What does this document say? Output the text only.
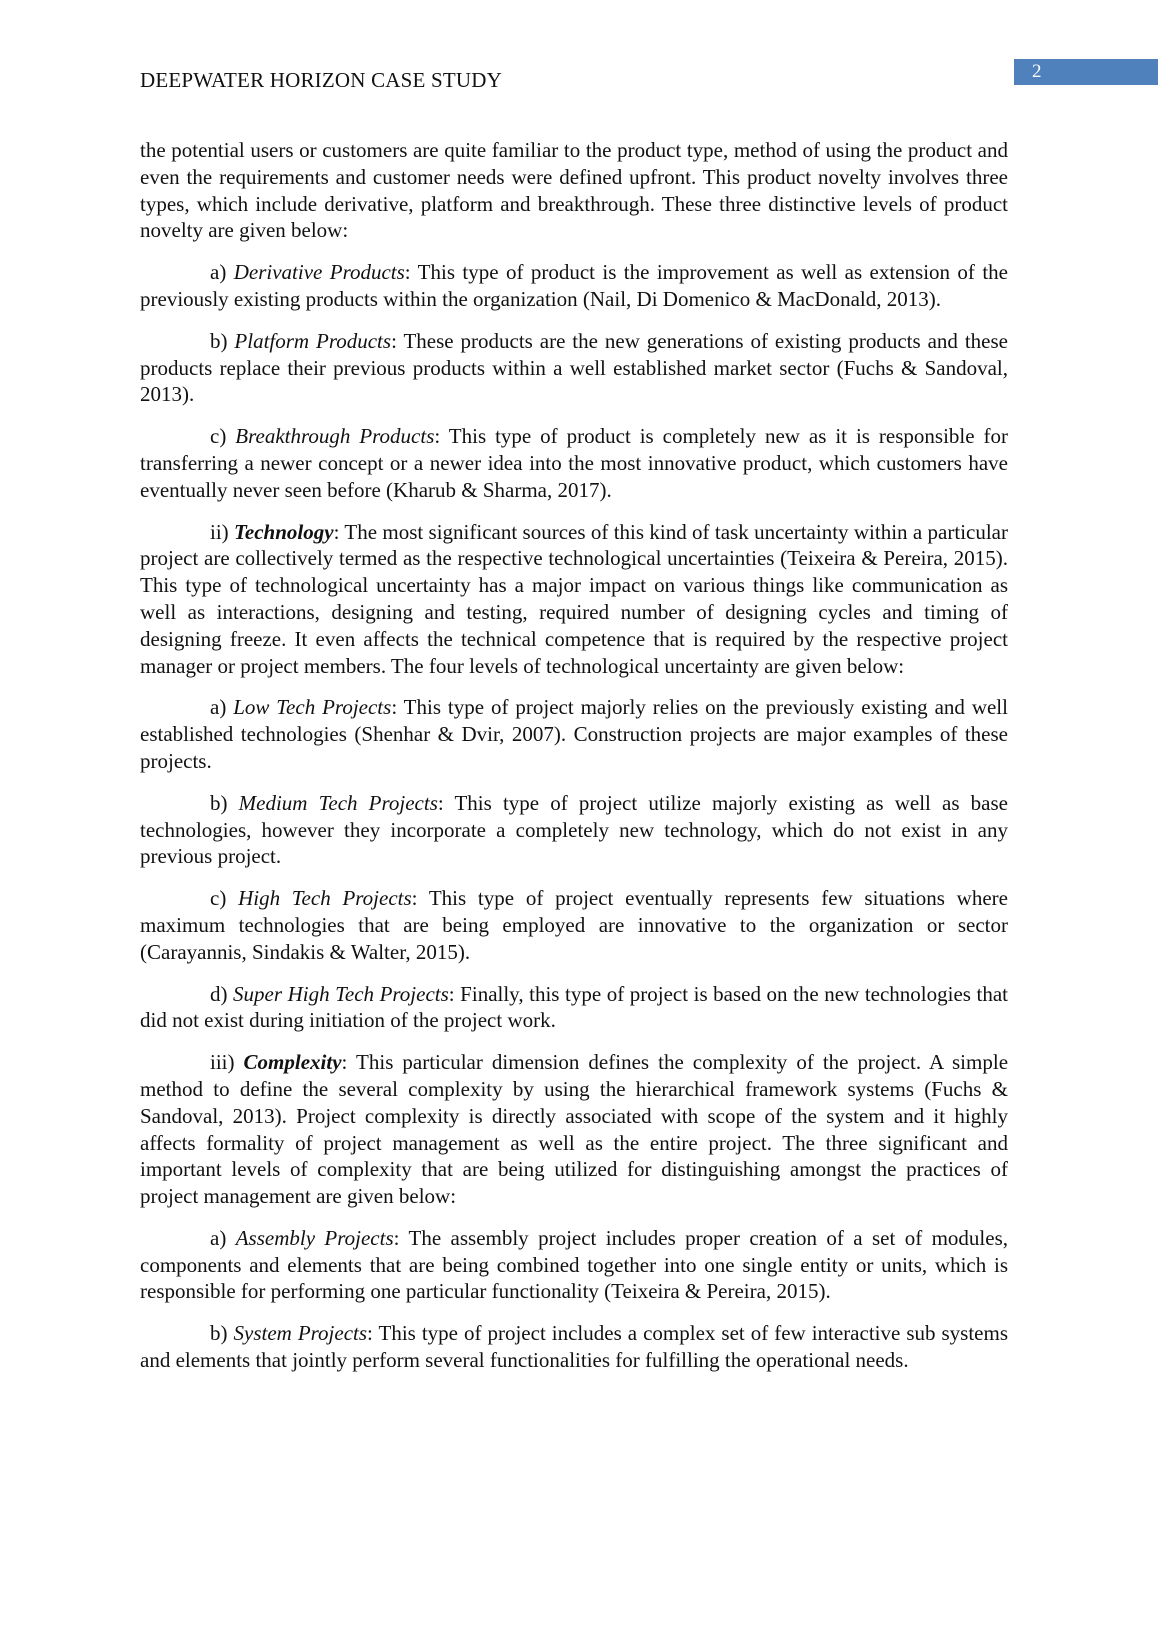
2
DEEPWATER HORIZON CASE STUDY

the potential users or customers are quite familiar to the product type, method of using the product and even the requirements and customer needs were defined upfront. This product novelty involves three types, which include derivative, platform and breakthrough. These three distinctive levels of product novelty are given below:

a) Derivative Products: This type of product is the improvement as well as extension of the previously existing products within the organization (Nail, Di Domenico & MacDonald, 2013).

b) Platform Products: These products are the new generations of existing products and these products replace their previous products within a well established market sector (Fuchs & Sandoval, 2013).

c) Breakthrough Products: This type of product is completely new as it is responsible for transferring a newer concept or a newer idea into the most innovative product, which customers have eventually never seen before (Kharub & Sharma, 2017).

ii) Technology: The most significant sources of this kind of task uncertainty within a particular project are collectively termed as the respective technological uncertainties (Teixeira & Pereira, 2015). This type of technological uncertainty has a major impact on various things like communication as well as interactions, designing and testing, required number of designing cycles and timing of designing freeze. It even affects the technical competence that is required by the respective project manager or project members. The four levels of technological uncertainty are given below:

a) Low Tech Projects: This type of project majorly relies on the previously existing and well established technologies (Shenhar & Dvir, 2007). Construction projects are major examples of these projects.

b) Medium Tech Projects: This type of project utilize majorly existing as well as base technologies, however they incorporate a completely new technology, which do not exist in any previous project.

c) High Tech Projects: This type of project eventually represents few situations where maximum technologies that are being employed are innovative to the organization or sector (Carayannis, Sindakis & Walter, 2015).

d) Super High Tech Projects: Finally, this type of project is based on the new technologies that did not exist during initiation of the project work.

iii) Complexity: This particular dimension defines the complexity of the project. A simple method to define the several complexity by using the hierarchical framework systems (Fuchs & Sandoval, 2013). Project complexity is directly associated with scope of the system and it highly affects formality of project management as well as the entire project. The three significant and important levels of complexity that are being utilized for distinguishing amongst the practices of project management are given below:

a) Assembly Projects: The assembly project includes proper creation of a set of modules, components and elements that are being combined together into one single entity or units, which is responsible for performing one particular functionality (Teixeira & Pereira, 2015).

b) System Projects: This type of project includes a complex set of few interactive sub systems and elements that jointly perform several functionalities for fulfilling the operational needs.
